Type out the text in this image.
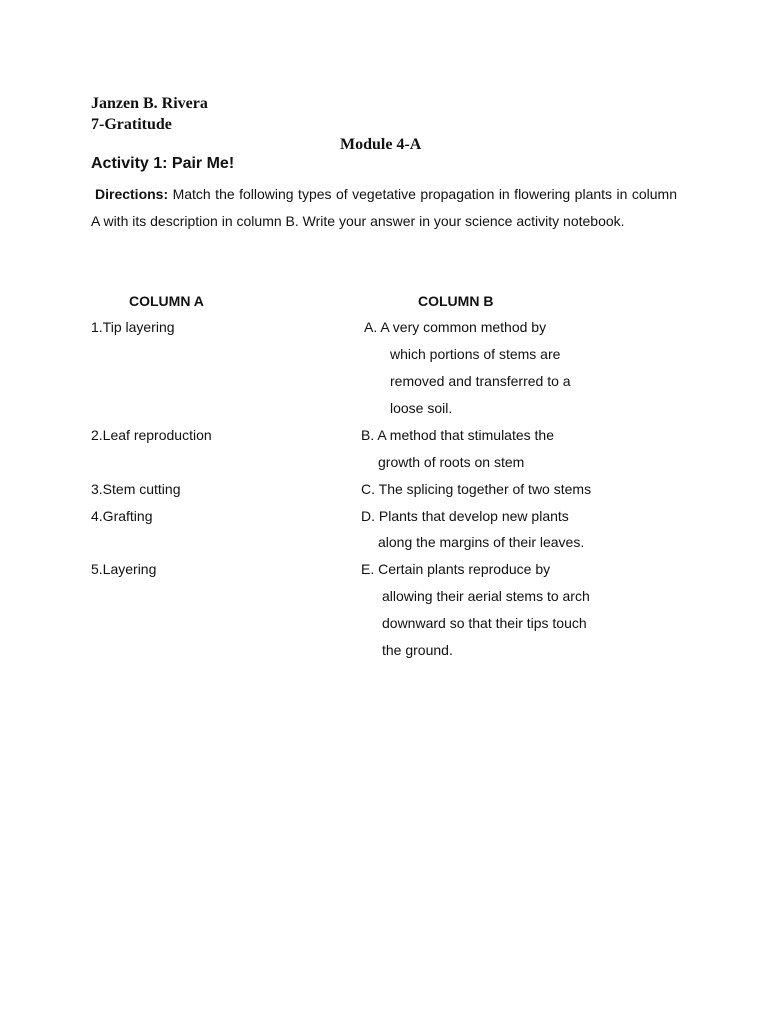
Janzen B. Rivera
7-Gratitude
Module 4-A
Activity 1: Pair Me!
Directions: Match the following types of vegetative propagation in flowering plants in column A with its description in column B. Write your answer in your science activity notebook.
COLUMN A	COLUMN B
1.Tip layering
2.Leaf reproduction
3.Stem cutting
4.Grafting
5.Layering
A. A very common method by
which portions of stems are
removed and transferred to a
loose soil.
B. A method that stimulates the
growth of roots on stem
C. The splicing together of two stems
D. Plants that develop new plants
along the margins of their leaves.
E. Certain plants reproduce by
allowing their aerial stems to arch
downward so that their tips touch
the ground.
